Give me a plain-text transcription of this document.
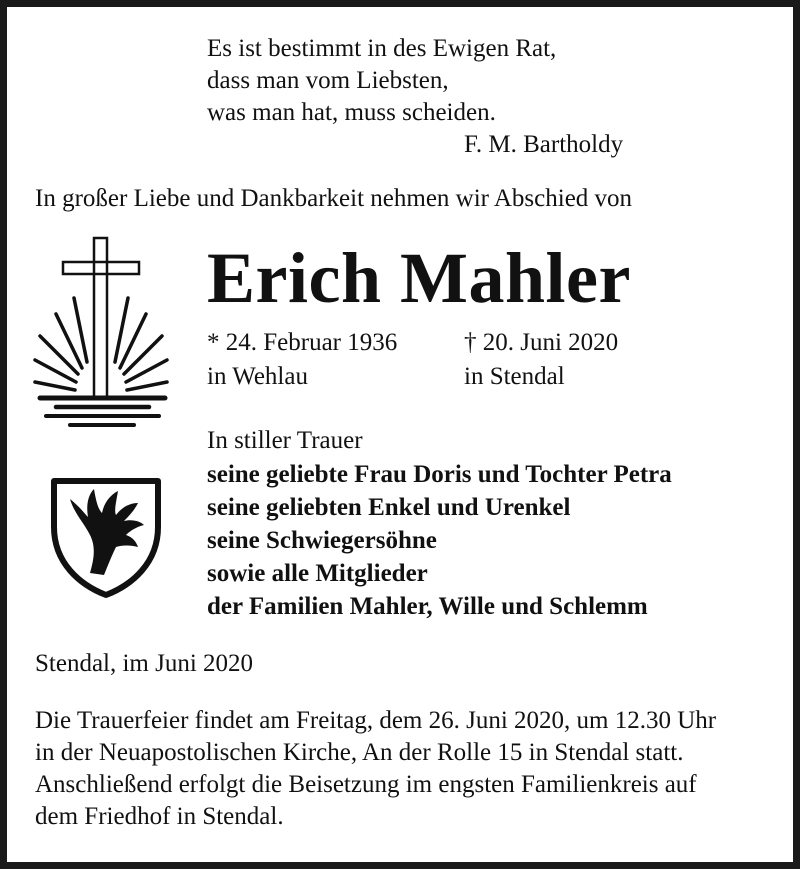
Es ist bestimmt in des Ewigen Rat,
dass man vom Liebsten,
was man hat, muss scheiden.
F. M. Bartholdy
In großer Liebe und Dankbarkeit nehmen wir Abschied von
Erich Mahler
* 24. Februar 1936
in Wehlau
† 20. Juni 2020
in Stendal
In stiller Trauer
seine geliebte Frau Doris und Tochter Petra
seine geliebten Enkel und Urenkel
seine Schwiegersöhne
sowie alle Mitglieder
der Familien Mahler, Wille und Schlemm
Stendal, im Juni 2020
Die Trauerfeier findet am Freitag, dem 26. Juni 2020, um 12.30 Uhr
in der Neuapostolischen Kirche, An der Rolle 15 in Stendal statt.
Anschließend erfolgt die Beisetzung im engsten Familienkreis auf
dem Friedhof in Stendal.
